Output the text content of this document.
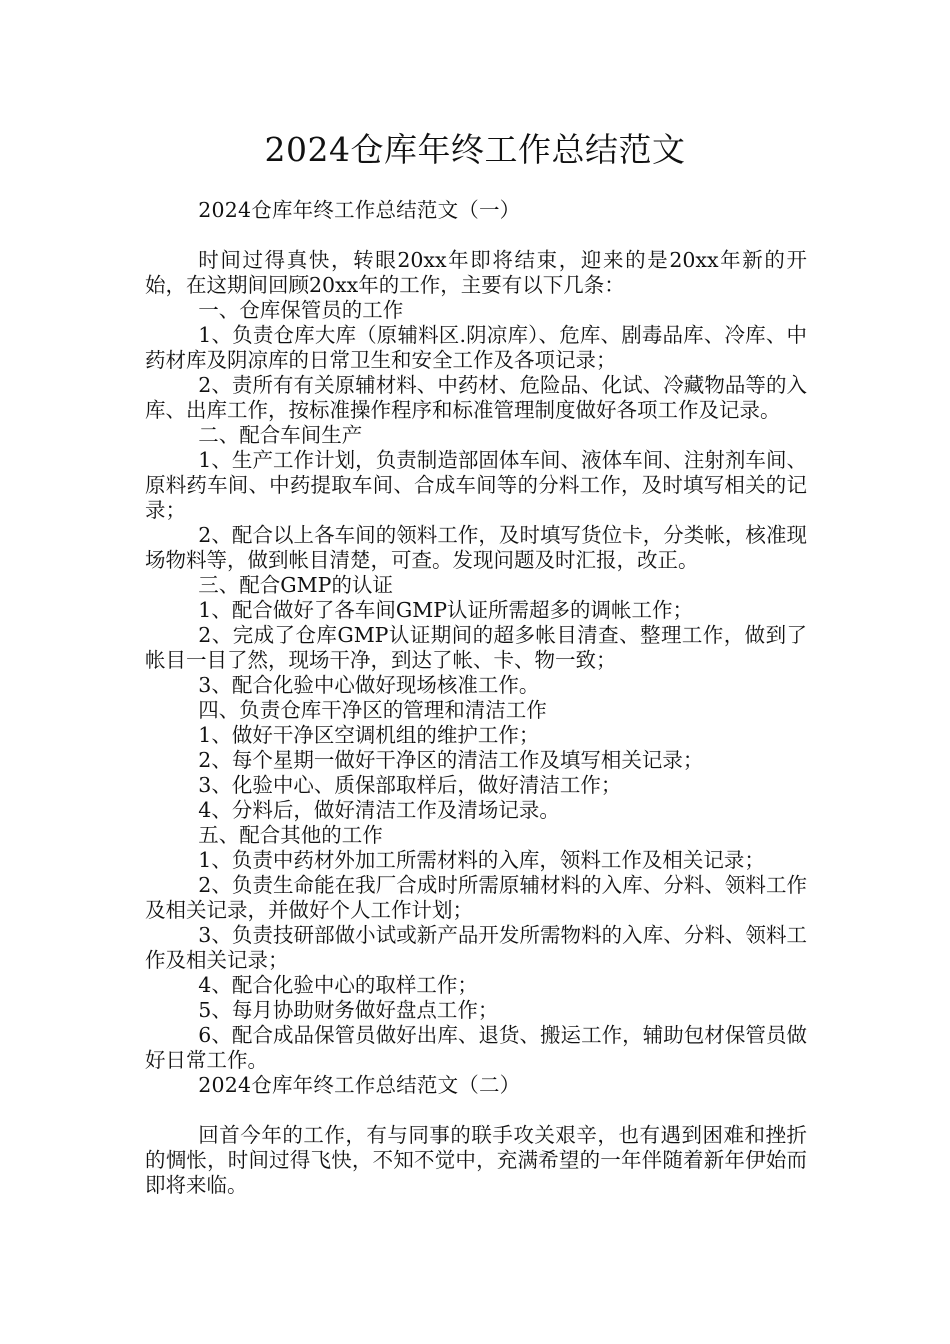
2024仓库年终工作总结范文

2024仓库年终工作总结范文（一）

时间过得真快，转眼20xx年即将结束，迎来的是20xx年新的开始，在这期间回顾20xx年的工作，主要有以下几条：

一、仓库保管员的工作

1、负责仓库大库（原辅料区.阴凉库）、危库、剧毒品库、冷库、中药材库及阴凉库的日常卫生和安全工作及各项记录；

2、责所有有关原辅材料、中药材、危险品、化试、冷藏物品等的入库、出库工作，按标准操作程序和标准管理制度做好各项工作及记录。

二、配合车间生产

1、生产工作计划，负责制造部固体车间、液体车间、注射剂车间、原料药车间、中药提取车间、合成车间等的分料工作，及时填写相关的记录；

2、配合以上各车间的领料工作，及时填写货位卡，分类帐，核准现场物料等，做到帐目清楚，可查。发现问题及时汇报，改正。

三、配合GMP的认证

1、配合做好了各车间GMP认证所需超多的调帐工作；

2、完成了仓库GMP认证期间的超多帐目清查、整理工作，做到了帐目一目了然，现场干净，到达了帐、卡、物一致；

3、配合化验中心做好现场核准工作。

四、负责仓库干净区的管理和清洁工作

1、做好干净区空调机组的维护工作；

2、每个星期一做好干净区的清洁工作及填写相关记录；

3、化验中心、质保部取样后，做好清洁工作；

4、分料后，做好清洁工作及清场记录。

五、配合其他的工作

1、负责中药材外加工所需材料的入库，领料工作及相关记录；

2、负责生命能在我厂合成时所需原辅材料的入库、分料、领料工作及相关记录，并做好个人工作计划；

3、负责技研部做小试或新产品开发所需物料的入库、分料、领料工作及相关记录；

4、配合化验中心的取样工作；

5、每月协助财务做好盘点工作；

6、配合成品保管员做好出库、退货、搬运工作，辅助包材保管员做好日常工作。

2024仓库年终工作总结范文（二）

回首今年的工作，有与同事的联手攻关艰辛，也有遇到困难和挫折的惆怅，时间过得飞快，不知不觉中，充满希望的一年伴随着新年伊始而即将来临。
